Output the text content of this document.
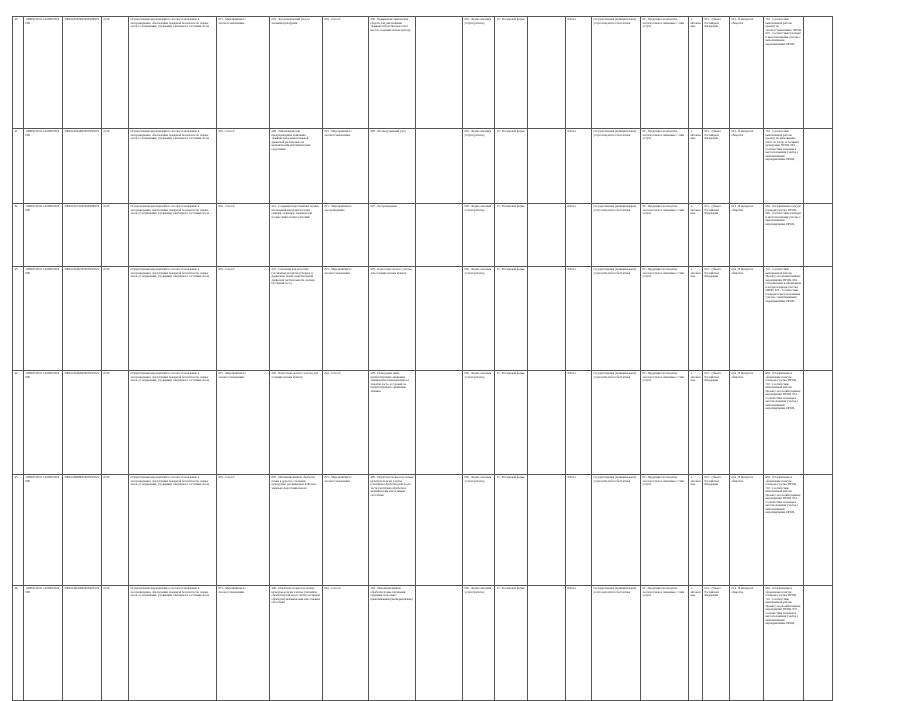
40	12800115P.45.1.0230001010009	590441452050019035008101	0210	Осуществление мероприятий по лесовосстановлению и лесоразведению, обеспечению пожарной безопасности, охране лесов от загрязнения, улучшению санитарного состояния лесов	015 - Мероприятия по лесовосстановлению	023 - Агротехнический уход за лесными культурами	016 - Способ	230 - Применение химических средств для уничтожения травянистой растительности в местах создания лесных культур		005 - Форма оказания услуги (работы)	15 - В плановой форме		Работа	Государственная (муниципальная) услуга или работа бесплатная	02 - Продукция лесоводства, лесозаготовок и связанные с этим услуги	1 - автономные	021 - субъект Российской Федерации	014 - В интересах общества	710 - Соответствие выполненной работы проекту по лесовосстановлению; ПРОЦ. 672 - Соответствие площади и местоположения участка с выполненными мероприятиями, ПРОЦ.	
41	12800115P.45.1.0230001010009	590441452048019035018101	0210	Осуществление мероприятий по лесовосстановлению и лесоразведению, обеспечению пожарной безопасности, охране лесов от загрязнения, улучшению санитарного состояния лесов	016 - Способ	248 - Уничтожение или предупреждение появления травянистой и нежелательной древесной растительности механическим или химическим средствами	015 - Мероприятия по лесовосстановлению	026 - Лесоводственный уход		005 - Форма оказания услуги (работы)	15 - В плановой форме		Работа	Государственная (муниципальная) услуга или работа бесплатная	02 - Продукция лесоводства, лесозаготовок и связанные с этим услуги	1 - автономные	021 - субъект Российской Федерации	014 - В интересах общества	710 - Соответствие выполненной работы проекту по выполнению работ по уходу за лесными культурами; ПРОЦ. 663 - Соответствие площади и местоположения участка с выполненными мероприятиями, ПРОЦ.	
42	12800115P.45.1.0230001010009	590441452722019035008101	0210	Осуществление мероприятий по лесовосстановлению и лесоразведению, обеспечению пожарной безопасности, охране лесов от загрязнения, улучшению санитарного состояния лесов	016 - Способ	221 - Создание искусственных лесных насаждений методами посадки сеянцев, саженцев, черенков или посева семян лесных растений	021 - Мероприятия по лесоразведению	027 - Лесоразведение		005 - Форма оказания услуги (работы)	15 - В плановой форме		Работа	Государственная (муниципальная) услуга или работа бесплатная	02 - Продукция лесоводства, лесозаготовок и связанные с этим услуги	1 - автономные	021 - субъект Российской Федерации	014 - В интересах общества	664 - Отграничение в натуре площади участка, ПРОЦ. 665 - Соответствие площади и местоположения участка с выполненными мероприятиями, ПРОЦ.	
43	12800115P.45.1.0230001010009	590441452825019035018101	0210	Осуществление мероприятий по лесовосстановлению и лесоразведению, обеспечению пожарной безопасности, охране лесов от загрязнения, улучшению санитарного состояния лесов	016 - Способ	225 - Сплошная или полосная (частичная) расчистка (уборка) от древесины, кочей, нежелательной древесной растительности, валежа, кустарника и т.д.	015 - Мероприятия по лесовосстановлению	029 - Подготовка лесного участка для создания лесных культур		005 - Форма оказания услуги (работы)	15 - В плановой форме		Работа	Государственная (муниципальная) услуга или работа бесплатная	02 - Продукция лесоводства, лесозаготовок и связанные с этим услуги	1 - автономные	021 - субъект Российской Федерации	014 - В интересах общества	710 - Соответствие выполненной работы Проекту лесохозяйственных мероприятий, ПРОЦ. 664 - Отграничение и оформление в натуре площади участка, ПРОЦ. 672 - Соответствие площади и местоположения участка с выполненными мероприятиями, ПРОЦ.	
44	12800115P.45.1.0230001010009	590441452826019035018101	0210	Осуществление мероприятий по лесовосстановлению и лесоразведению, обеспечению пожарной безопасности, охране лесов от загрязнения, улучшению санитарного состояния лесов	015 - Мероприятия по лесовосстановлению	226 - Подготовка лесного участка для создания лесных культур	016 - Способ	226 - Раскорчевка пней, препятствующих движению техники или повреждающих ее ходовую часть, до уровня, не препятствующего движению техники		005 - Форма оказания услуги (работы)	15 - В плановой форме		Работа	Государственная (муниципальная) услуга или работа бесплатная	02 - Продукция лесоводства, лесозаготовок и связанные с этим услуги	1 - автономные	021 - субъект Российской Федерации	014 - В интересах общества	664 - Отграничение и оформление в натуре площади участка, ПРОЦ. 710 - Соответствие выполненной работы Проекту лесохозяйственных мероприятий, ПРОЦ. 672 - Соответствие площади и местоположения участка с выполненными мероприятиями, ПРОЦ.	
45	12800115P.45.1.0230001010009	590441466980019035018101	0210	Осуществление мероприятий по лесовосстановлению и лесоразведению, обеспечению пожарной безопасности, охране лесов от загрязнения, улучшению санитарного состояния лесов	016 - Способ	093 - Механизированная обработка почвы в дорогах с лесными культурами, расчищенных и прочего земельно-подготовительного	015 - Мероприятия по лесовосстановлению	406 - Обработка почвы под лесные культуры на всем участке (сплошная обработка) или на его части (частичная обработка), механическим или огневым способами		005 - Форма оказания услуги (работы)	15 - В плановой форме		Работа	Государственная (муниципальная) услуга или работа бесплатная	02 - Продукция лесоводства, лесозаготовок и связанные с этим услуги	1 - автономные	021 - субъект Российской Федерации	014 - В интересах общества	664 - Отграничение и оформление в натуре площади участка, ПРОЦ. 710 - Соответствие выполненной работы Проекту лесохозяйственных мероприятий, ПРОЦ. 672 - Соответствие площади и местоположения участка с выполненными мероприятиями, ПРОЦ.	
46	12800115P.45.1.0230001010009	590441466100019035007101	0210	Осуществление мероприятий по лесовосстановлению и лесоразведению, обеспечению пожарной безопасности, охране лесов от загрязнения, улучшению санитарного состояния лесов	015 - Мероприятия по лесовосстановлению	406 - Обработка почвы под лесные культуры на всем участке (сплошная обработка) или на его части (частичная обработка) механическим или огневым способами	016 - Способ	164 - Механизированная обработка почвы плужными орудиями полосами с прикатыванием (мелиорирование)		005 - Форма оказания услуги (работы)	15 - В плановой форме		Работа	Государственная (муниципальная) услуга или работа бесплатная	02 - Продукция лесоводства, лесозаготовок и связанные с этим услуги	1 - автономные	021 - субъект Российской Федерации	014 - В интересах общества	664 - Отграничение и оформление в натуре площади участка, ПРОЦ. 710 - Соответствие выполненной работы Проекту лесохозяйственных мероприятий, ПРОЦ. 672 - Соответствие площади и местоположения участка с выполненными мероприятиями, ПРОЦ.	
